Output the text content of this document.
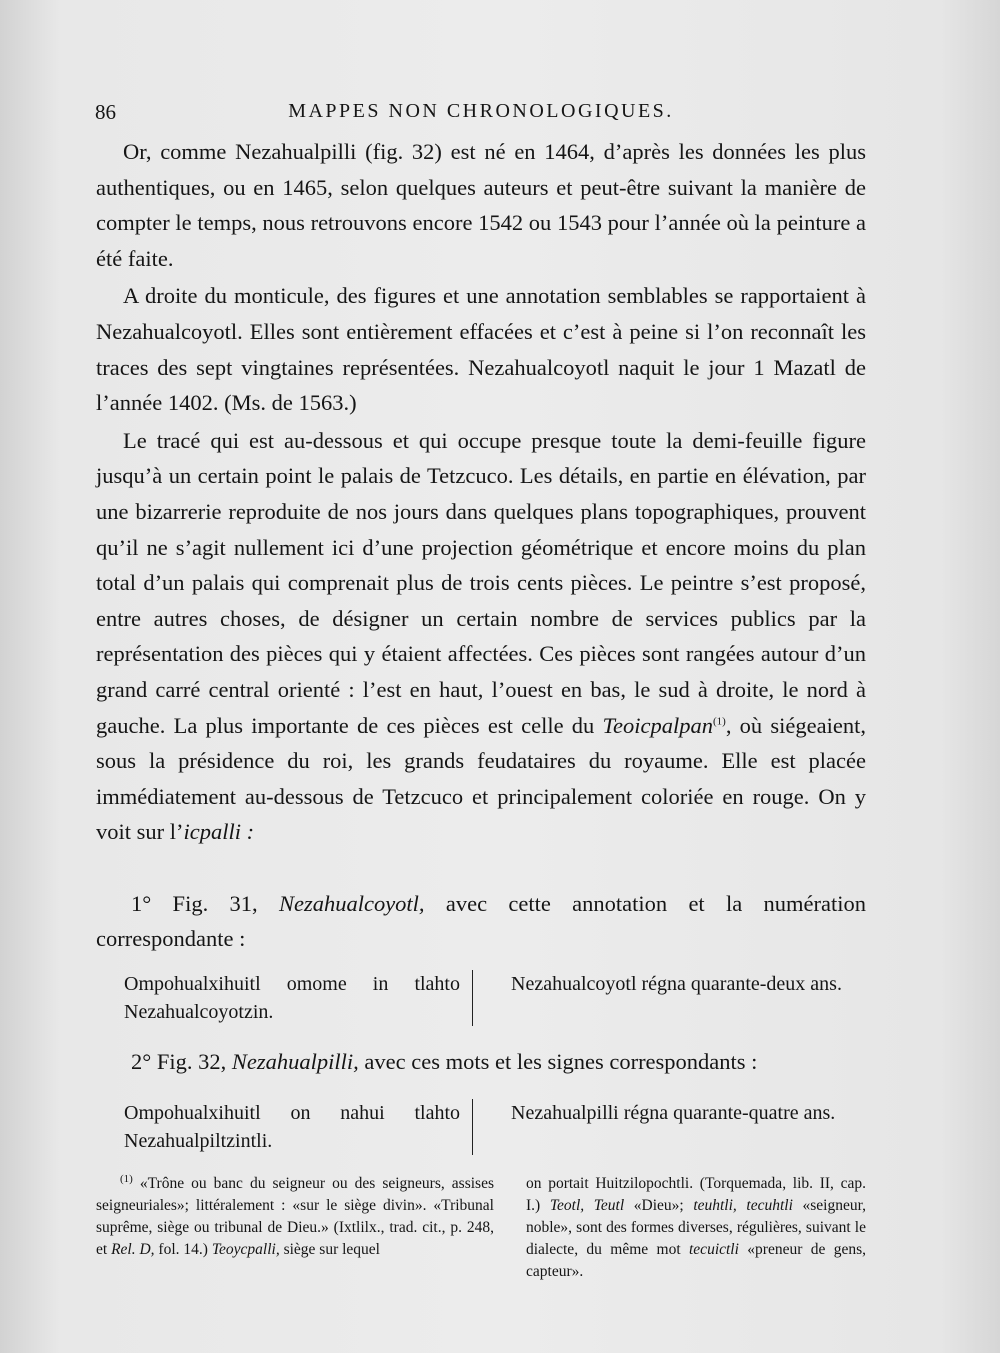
86	MAPPES NON CHRONOLOGIQUES.

Or, comme Nezahualpilli (fig. 32) est né en 1464, d’après les données les plus authentiques, ou en 1465, selon quelques auteurs et peut-être suivant la manière de compter le temps, nous retrouvons encore 1542 ou 1543 pour l’année où la peinture a été faite.

A droite du monticule, des figures et une annotation semblables se rapportaient à Nezahualcoyotl. Elles sont entièrement effacées et c’est à peine si l’on reconnaît les traces des sept vingtaines représentées. Nezahualcoyotl naquit le jour 1 Mazatl de l’année 1402. (Ms. de 1563.)

Le tracé qui est au-dessous et qui occupe presque toute la demi-feuille figure jusqu’à un certain point le palais de Tetzcuco. Les détails, en partie en élévation, par une bizarrerie reproduite de nos jours dans quelques plans topographiques, prouvent qu’il ne s’agit nullement ici d’une projection géométrique et encore moins du plan total d’un palais qui comprenait plus de trois cents pièces. Le peintre s’est proposé, entre autres choses, de désigner un certain nombre de services publics par la représentation des pièces qui y étaient affectées. Ces pièces sont rangées autour d’un grand carré central orienté : l’est en haut, l’ouest en bas, le sud à droite, le nord à gauche. La plus importante de ces pièces est celle du Teoicpalpan$^{(1)}$, où siégeaient, sous la présidence du roi, les grands feudataires du royaume. Elle est placée immédiatement au-dessous de Tetzcuco et principalement coloriée en rouge. On y voit sur l’icpalli :

1° Fig. 31, Nezahualcoyotl, avec cette annotation et la numération correspondante :

Ompohualxihuitl omome in tlahto Nezahualcoyotzin.
Nezahualcoyotl régna quarante-deux ans.

2° Fig. 32, Nezahualpilli, avec ces mots et les signes correspondants :

Ompohualxihuitl on nahui tlahto Nezahualpiltzintli.
Nezahualpilli régna quarante-quatre ans.
$^{(1)}$ «Trône ou banc du seigneur ou des seigneurs, assises seigneuriales»; littéralement : «sur le siège divin». «Tribunal suprême, siège ou tribunal de Dieu.» (Ixtlilx., trad. cit., p. 248, et Rel. D, fol. 14.) Teoycpalli, siège sur lequel
on portait Huitzilopochtli. (Torquemada, lib. II, cap. I.) Teotl, Teutl «Dieu»; teuhtli, tecuhtli «seigneur, noble», sont des formes diverses, régulières, suivant le dialecte, du même mot tecuictli «preneur de gens, capteur».
